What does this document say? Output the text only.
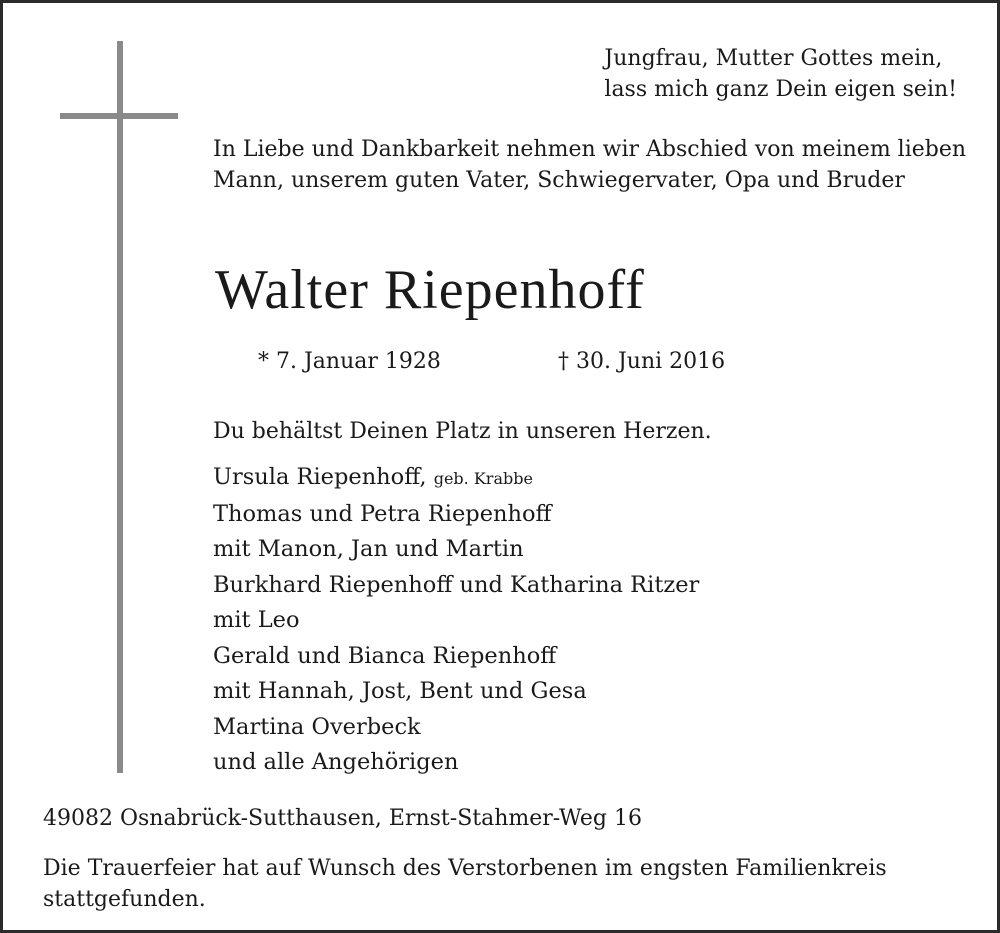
Jungfrau, Mutter Gottes mein,
lass mich ganz Dein eigen sein!
In Liebe und Dankbarkeit nehmen wir Abschied von meinem lieben Mann, unserem guten Vater, Schwiegervater, Opa und Bruder
Walter Riepenhoff
* 7. Januar 1928	† 30. Juni 2016
Du behältst Deinen Platz in unseren Herzen.
Ursula Riepenhoff, geb. Krabbe
Thomas und Petra Riepenhoff
mit Manon, Jan und Martin
Burkhard Riepenhoff und Katharina Ritzer
mit Leo
Gerald und Bianca Riepenhoff
mit Hannah, Jost, Bent und Gesa
Martina Overbeck
und alle Angehörigen
49082 Osnabrück-Sutthausen, Ernst-Stahmer-Weg 16
Die Trauerfeier hat auf Wunsch des Verstorbenen im engsten Familienkreis stattgefunden.
